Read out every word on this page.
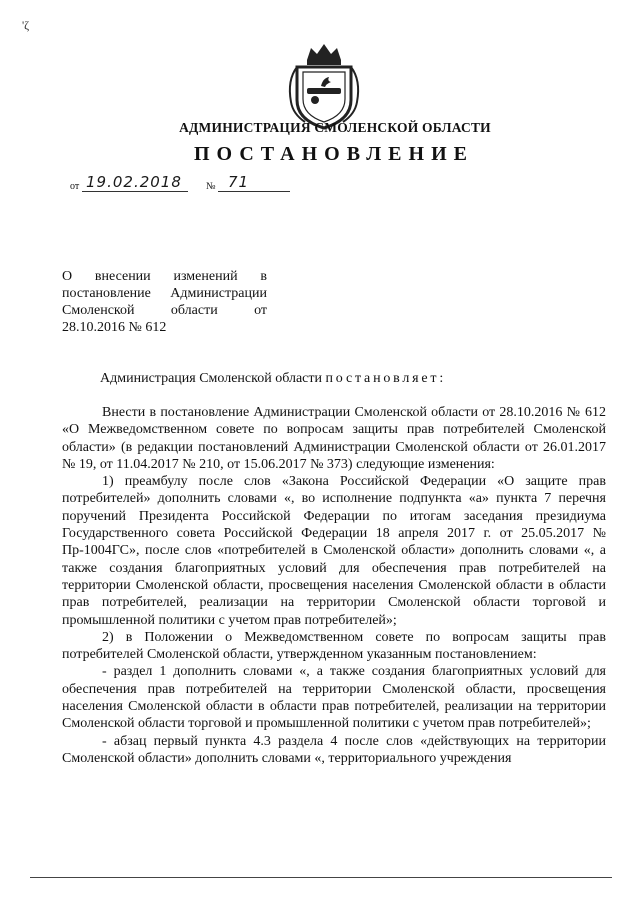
'ζ
АДМИНИСТРАЦИЯ СМОЛЕНСКОЙ ОБЛАСТИ
ПОСТАНОВЛЕНИЕ
от 19.02.2018 № 71
О внесении изменений в
постановление Администрации
Смоленской области от
28.10.2016 № 612
Администрация Смоленской области постановляет:

Внести в постановление Администрации Смоленской области от 28.10.2016 № 612 «О Межведомственном совете по вопросам защиты прав потребителей Смоленской области» (в редакции постановлений Администрации Смоленской области от 26.01.2017 № 19, от 11.04.2017 № 210, от 15.06.2017 № 373) следующие изменения:

1) преамбулу после слов «Закона Российской Федерации «О защите прав потребителей» дополнить словами «, во исполнение подпункта «а» пункта 7 перечня поручений Президента Российской Федерации по итогам заседания президиума Государственного совета Российской Федерации 18 апреля 2017 г. от 25.05.2017 № Пр-1004ГС», после слов «потребителей в Смоленской области» дополнить словами «, а также создания благоприятных условий для обеспечения прав потребителей на территории Смоленской области, просвещения населения Смоленской области в области прав потребителей, реализации на территории Смоленской области торговой и промышленной политики с учетом прав потребителей»;

2) в Положении о Межведомственном совете по вопросам защиты прав потребителей Смоленской области, утвержденном указанным постановлением:

- раздел 1 дополнить словами «, а также создания благоприятных условий для обеспечения прав потребителей на территории Смоленской области, просвещения населения Смоленской области в области прав потребителей, реализации на территории Смоленской области торговой и промышленной политики с учетом прав потребителей»;

- абзац первый пункта 4.3 раздела 4 после слов «действующих на территории Смоленской области» дополнить словами «, территориального учреждения
